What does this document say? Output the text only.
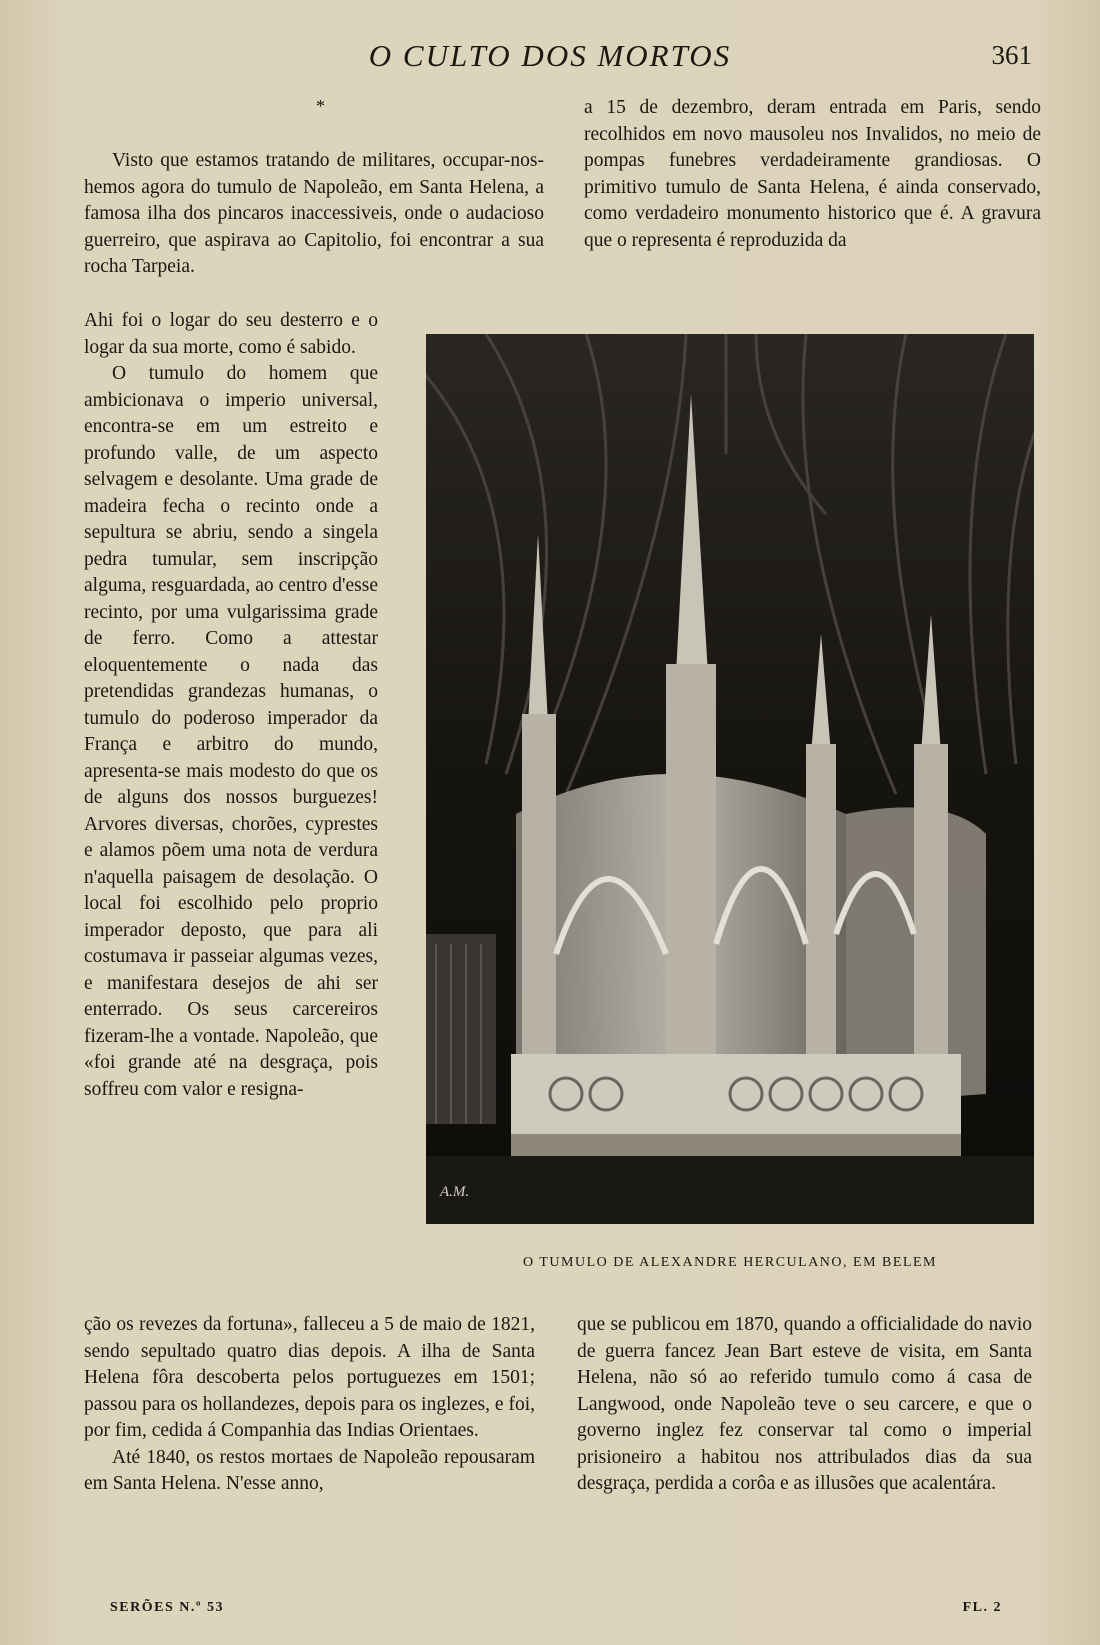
O CULTO DOS MORTOS	361
*

Visto que estamos tratando de militares, occupar-nos-hemos agora do tumulo de Napoleão, em Santa Helena, a famosa ilha dos pincaros inaccessiveis, onde o audacioso guerreiro, que aspirava ao Capitolio, foi encontrar a sua rocha Tarpeia.

Ahi foi o logar do seu desterro e o logar da sua morte, como é sabido.

O tumulo do homem que ambicionava o imperio universal, encontra-se em um estreito e profundo valle, de um aspecto selvagem e desolante. Uma grade de madeira fecha o recinto onde a sepultura se abriu, sendo a singela pedra tumular, sem inscripção alguma, resguardada, ao centro d'esse recinto, por uma vulgarissima grade de ferro. Como a attestar eloquentemente o nada das pretendidas grandezas humanas, o tumulo do poderoso imperador da França e arbitro do mundo, apresenta-se mais modesto do que os de alguns dos nossos burguezes! Arvores diversas, chorões, cyprestes e alamos põem uma nota de verdura n'aquella paisagem de desolação. O local foi escolhido pelo proprio imperador deposto, que para ali costumava ir passeiar algumas vezes, e manifestara desejos de ahi ser enterrado. Os seus carcereiros fizeram-lhe a vontade. Napoleão, que «foi grande até na desgraça, pois soffreu com valor e resigna-

ção os revezes da fortuna», falleceu a 5 de maio de 1821, sendo sepultado quatro dias depois. A ilha de Santa Helena fôra descoberta pelos portuguezes em 1501; passou para os hollandezes, depois para os inglezes, e foi, por fim, cedida á Companhia das Indias Orientaes.

Até 1840, os restos mortaes de Napoleão repousaram em Santa Helena. N'esse anno,

a 15 de dezembro, deram entrada em Paris, sendo recolhidos em novo mausoleu nos Invalidos, no meio de pompas funebres verdadeiramente grandiosas. O primitivo tumulo de Santa Helena, é ainda conservado, como verdadeiro monumento historico que é. A gravura que o representa é reproduzida da

que se publicou em 1870, quando a officialidade do navio de guerra fancez Jean Bart esteve de visita, em Santa Helena, não só ao referido tumulo como á casa de Langwood, onde Napoleão teve o seu carcere, e que o governo inglez fez conservar tal como o imperial prisioneiro a habitou nos attribulados dias da sua desgraça, perdida a corôa e as illusões que acalentára.

A.M.
O TUMULO DE ALEXANDRE HERCULANO, EM BELEM
SERÕES N.º 53	FL. 2
